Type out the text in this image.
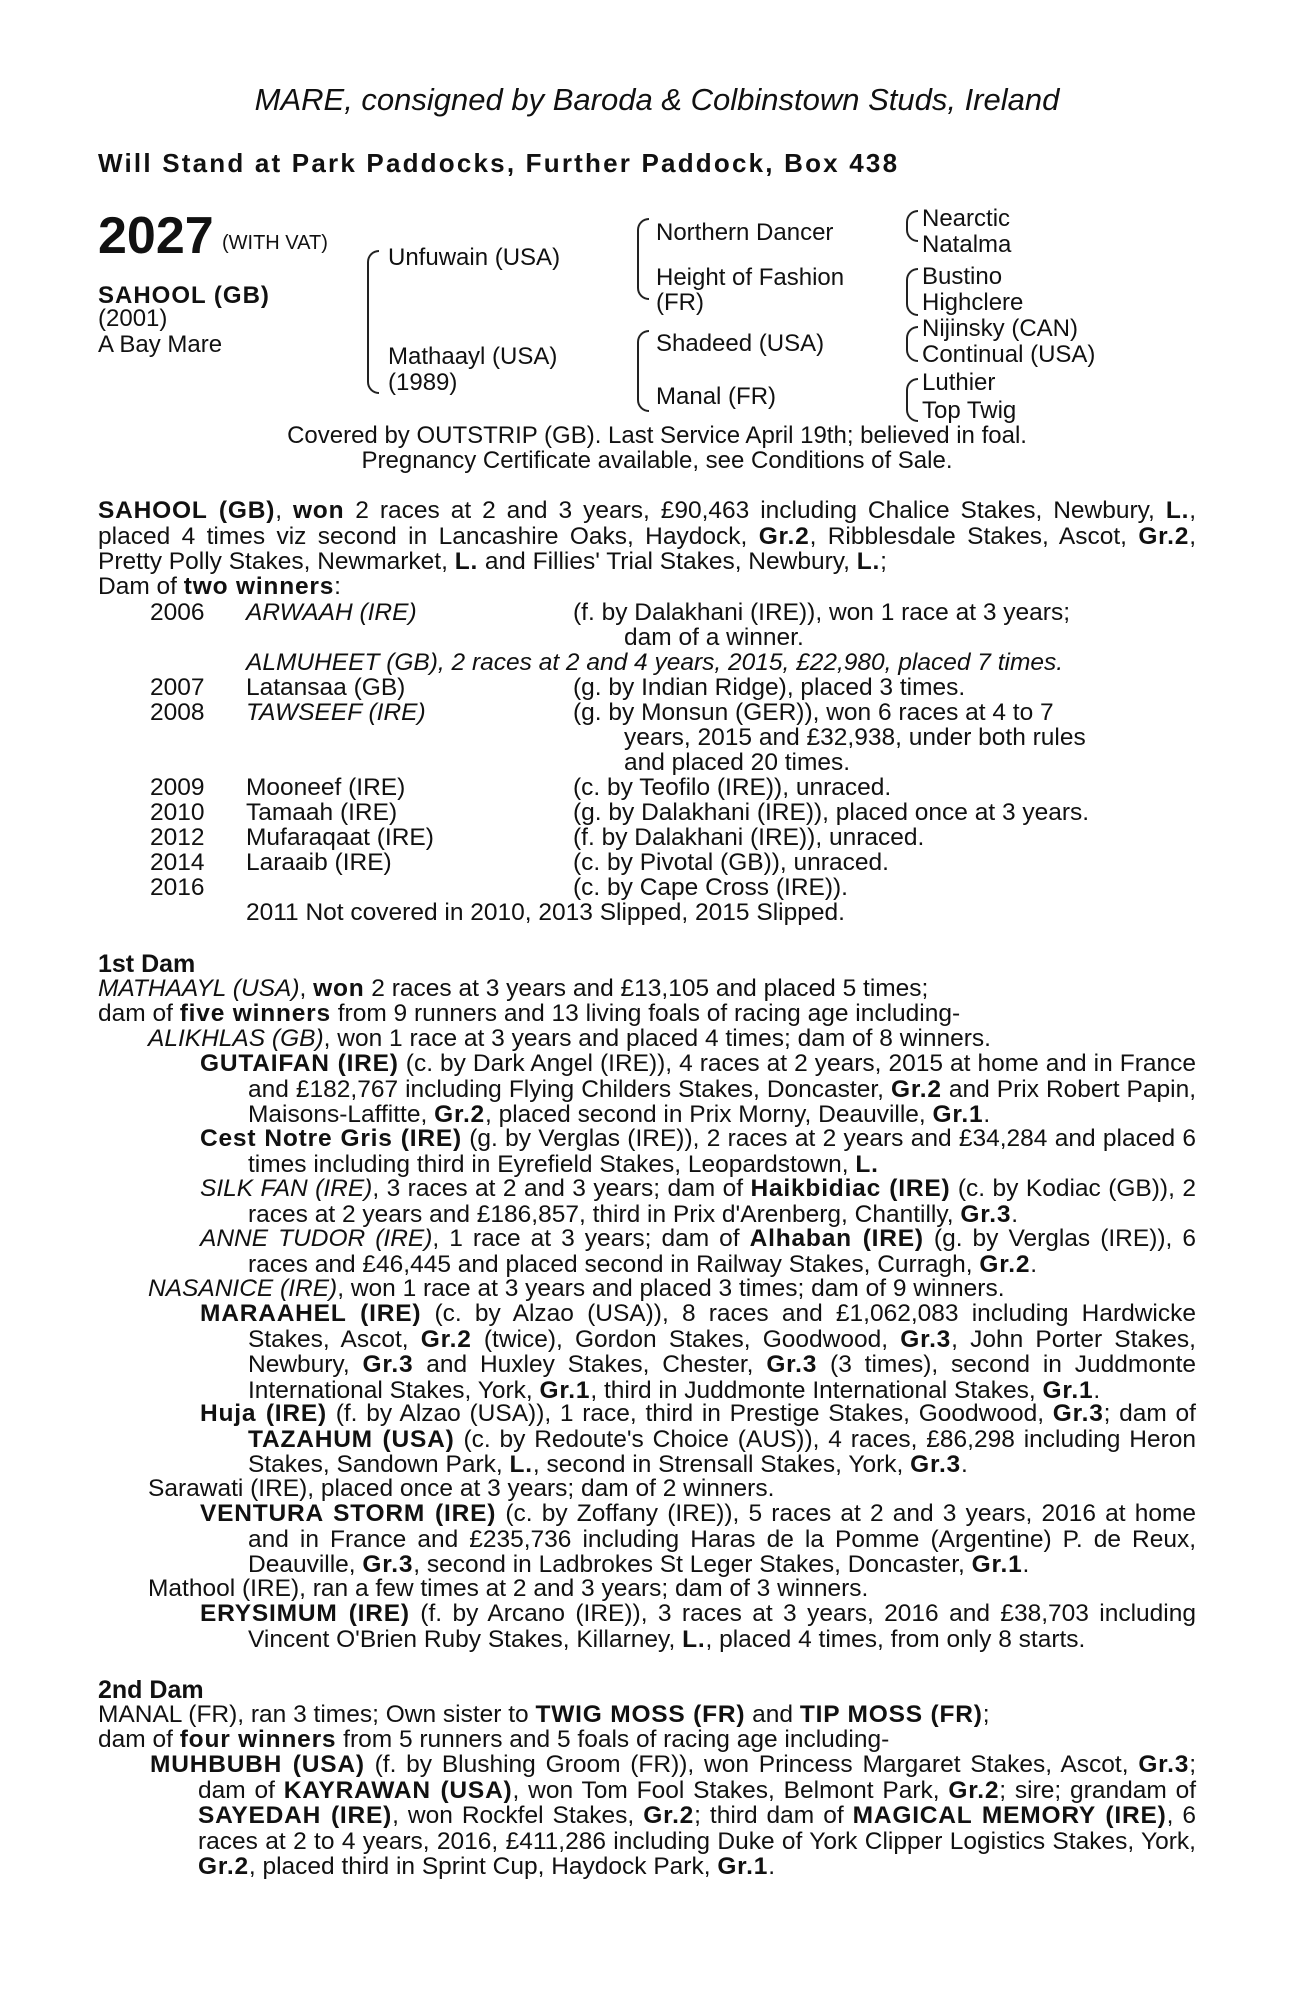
MARE, consigned by Baroda & Colbinstown Studs, Ireland
Will Stand at Park Paddocks, Further Paddock, Box 438
2027 (WITH VAT)
SAHOOL (GB)
(2001)
A Bay Mare
Unfuwain (USA)
Mathaayl (USA)
(1989)
Northern Dancer
Height of Fashion
(FR)
Shadeed (USA)
Manal (FR)
Nearctic
Natalma
Bustino
Highclere
Nijinsky (CAN)
Continual (USA)
Luthier
Top Twig
Covered by OUTSTRIP (GB). Last Service April 19th; believed in foal.
Pregnancy Certificate available, see Conditions of Sale.
SAHOOL (GB), won 2 races at 2 and 3 years, £90,463 including Chalice Stakes, Newbury, L., placed 4 times viz second in Lancashire Oaks, Haydock, Gr.2, Ribblesdale Stakes, Ascot, Gr.2, Pretty Polly Stakes, Newmarket, L. and Fillies' Trial Stakes, Newbury, L.;
Dam of two winners:
2006 ARWAAH (IRE)	(f. by Dalakhani (IRE)), won 1 race at 3 years;
dam of a winner.
ALMUHEET (GB), 2 races at 2 and 4 years, 2015, £22,980, placed 7 times.
2007 Latansaa (GB)	(g. by Indian Ridge), placed 3 times.
2008 TAWSEEF (IRE)	(g. by Monsun (GER)), won 6 races at 4 to 7
years, 2015 and £32,938, under both rules
and placed 20 times.
2009 Mooneef (IRE)	(c. by Teofilo (IRE)), unraced.
2010 Tamaah (IRE)	(g. by Dalakhani (IRE)), placed once at 3 years.
2012 Mufaraqaat (IRE)	(f. by Dalakhani (IRE)), unraced.
2014 Laraaib (IRE)	(c. by Pivotal (GB)), unraced.
2016	(c. by Cape Cross (IRE)).
2011 Not covered in 2010, 2013 Slipped, 2015 Slipped.
1st Dam
MATHAAYL (USA), won 2 races at 3 years and £13,105 and placed 5 times;
dam of five winners from 9 runners and 13 living foals of racing age including-
ALIKHLAS (GB), won 1 race at 3 years and placed 4 times; dam of 8 winners.
GUTAIFAN (IRE) (c. by Dark Angel (IRE)), 4 races at 2 years, 2015 at home and in France and £182,767 including Flying Childers Stakes, Doncaster, Gr.2 and Prix Robert Papin, Maisons-Laffitte, Gr.2, placed second in Prix Morny, Deauville, Gr.1.
Cest Notre Gris (IRE) (g. by Verglas (IRE)), 2 races at 2 years and £34,284 and placed 6 times including third in Eyrefield Stakes, Leopardstown, L.
SILK FAN (IRE), 3 races at 2 and 3 years; dam of Haikbidiac (IRE) (c. by Kodiac (GB)), 2 races at 2 years and £186,857, third in Prix d'Arenberg, Chantilly, Gr.3.
ANNE TUDOR (IRE), 1 race at 3 years; dam of Alhaban (IRE) (g. by Verglas (IRE)), 6 races and £46,445 and placed second in Railway Stakes, Curragh, Gr.2.
NASANICE (IRE), won 1 race at 3 years and placed 3 times; dam of 9 winners.
MARAAHEL (IRE) (c. by Alzao (USA)), 8 races and £1,062,083 including Hardwicke Stakes, Ascot, Gr.2 (twice), Gordon Stakes, Goodwood, Gr.3, John Porter Stakes, Newbury, Gr.3 and Huxley Stakes, Chester, Gr.3 (3 times), second in Juddmonte International Stakes, York, Gr.1, third in Juddmonte International Stakes, Gr.1.
Huja (IRE) (f. by Alzao (USA)), 1 race, third in Prestige Stakes, Goodwood, Gr.3; dam of TAZAHUM (USA) (c. by Redoute's Choice (AUS)), 4 races, £86,298 including Heron Stakes, Sandown Park, L., second in Strensall Stakes, York, Gr.3.
Sarawati (IRE), placed once at 3 years; dam of 2 winners.
VENTURA STORM (IRE) (c. by Zoffany (IRE)), 5 races at 2 and 3 years, 2016 at home and in France and £235,736 including Haras de la Pomme (Argentine) P. de Reux, Deauville, Gr.3, second in Ladbrokes St Leger Stakes, Doncaster, Gr.1.
Mathool (IRE), ran a few times at 2 and 3 years; dam of 3 winners.
ERYSIMUM (IRE) (f. by Arcano (IRE)), 3 races at 3 years, 2016 and £38,703 including Vincent O'Brien Ruby Stakes, Killarney, L., placed 4 times, from only 8 starts.
2nd Dam
MANAL (FR), ran 3 times; Own sister to TWIG MOSS (FR) and TIP MOSS (FR);
dam of four winners from 5 runners and 5 foals of racing age including-
MUHBUBH (USA) (f. by Blushing Groom (FR)), won Princess Margaret Stakes, Ascot, Gr.3; dam of KAYRAWAN (USA), won Tom Fool Stakes, Belmont Park, Gr.2; sire; grandam of SAYEDAH (IRE), won Rockfel Stakes, Gr.2; third dam of MAGICAL MEMORY (IRE), 6 races at 2 to 4 years, 2016, £411,286 including Duke of York Clipper Logistics Stakes, York, Gr.2, placed third in Sprint Cup, Haydock Park, Gr.1.
